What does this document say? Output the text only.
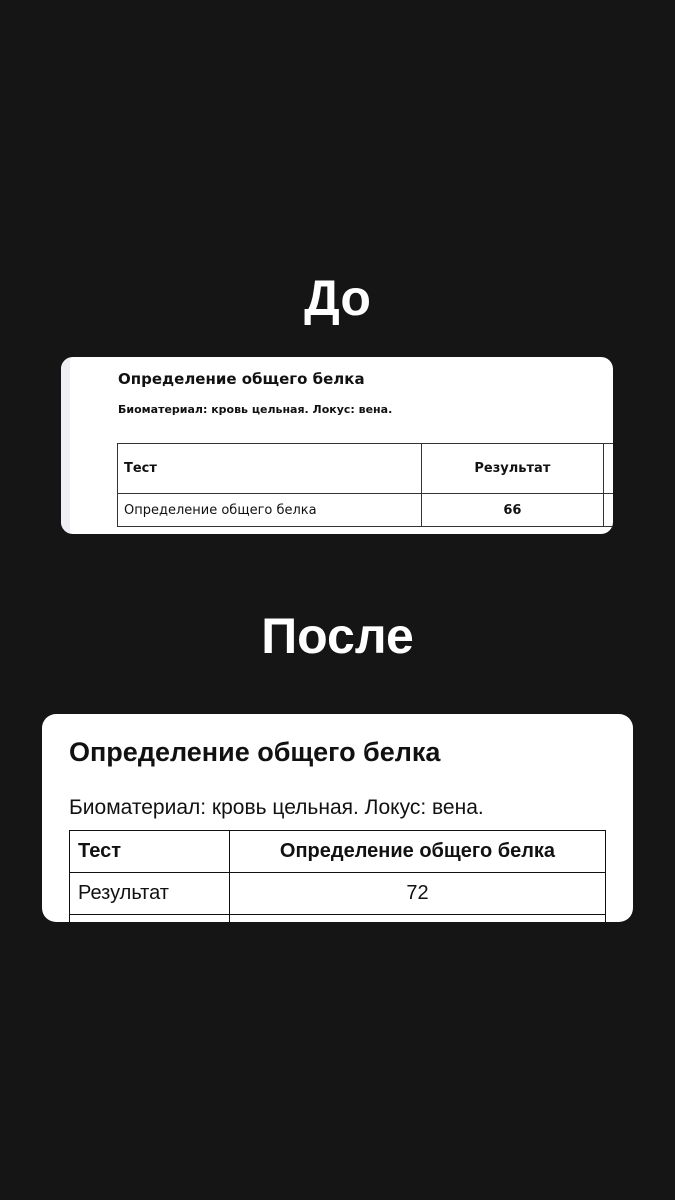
До

Определение общего белка

Биоматериал: кровь цельная. Локус: вена.

Тест	Результат	
Определение общего белка	66	
После

Определение общего белка

Биоматериал: кровь цельная. Локус: вена.

Тест	Определение общего белка
Результат	72
